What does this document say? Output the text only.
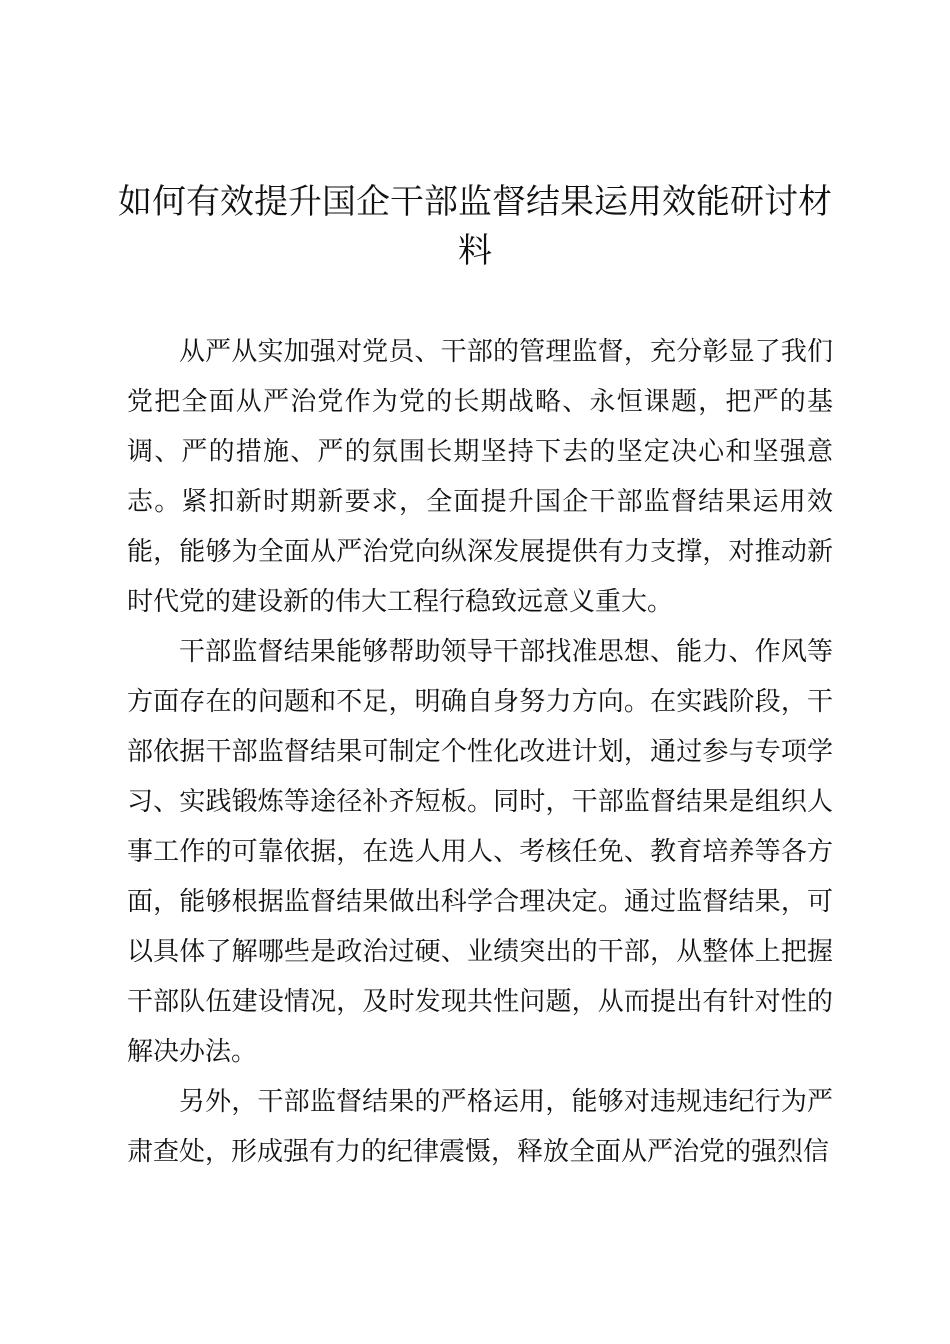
如何有效提升国企干部监督结果运用效能研讨材料

从严从实加强对党员、干部的管理监督，充分彰显了我们党把全面从严治党作为党的长期战略、永恒课题，把严的基调、严的措施、严的氛围长期坚持下去的坚定决心和坚强意志。紧扣新时期新要求，全面提升国企干部监督结果运用效能，能够为全面从严治党向纵深发展提供有力支撑，对推动新时代党的建设新的伟大工程行稳致远意义重大。

干部监督结果能够帮助领导干部找准思想、能力、作风等方面存在的问题和不足，明确自身努力方向。在实践阶段，干部依据干部监督结果可制定个性化改进计划，通过参与专项学习、实践锻炼等途径补齐短板。同时，干部监督结果是组织人事工作的可靠依据，在选人用人、考核任免、教育培养等各方面，能够根据监督结果做出科学合理决定。通过监督结果，可以具体了解哪些是政治过硬、业绩突出的干部，从整体上把握干部队伍建设情况，及时发现共性问题，从而提出有针对性的解决办法。

另外，干部监督结果的严格运用，能够对违规违纪行为严肃查处，形成强有力的纪律震慑，释放全面从严治党的强烈信
